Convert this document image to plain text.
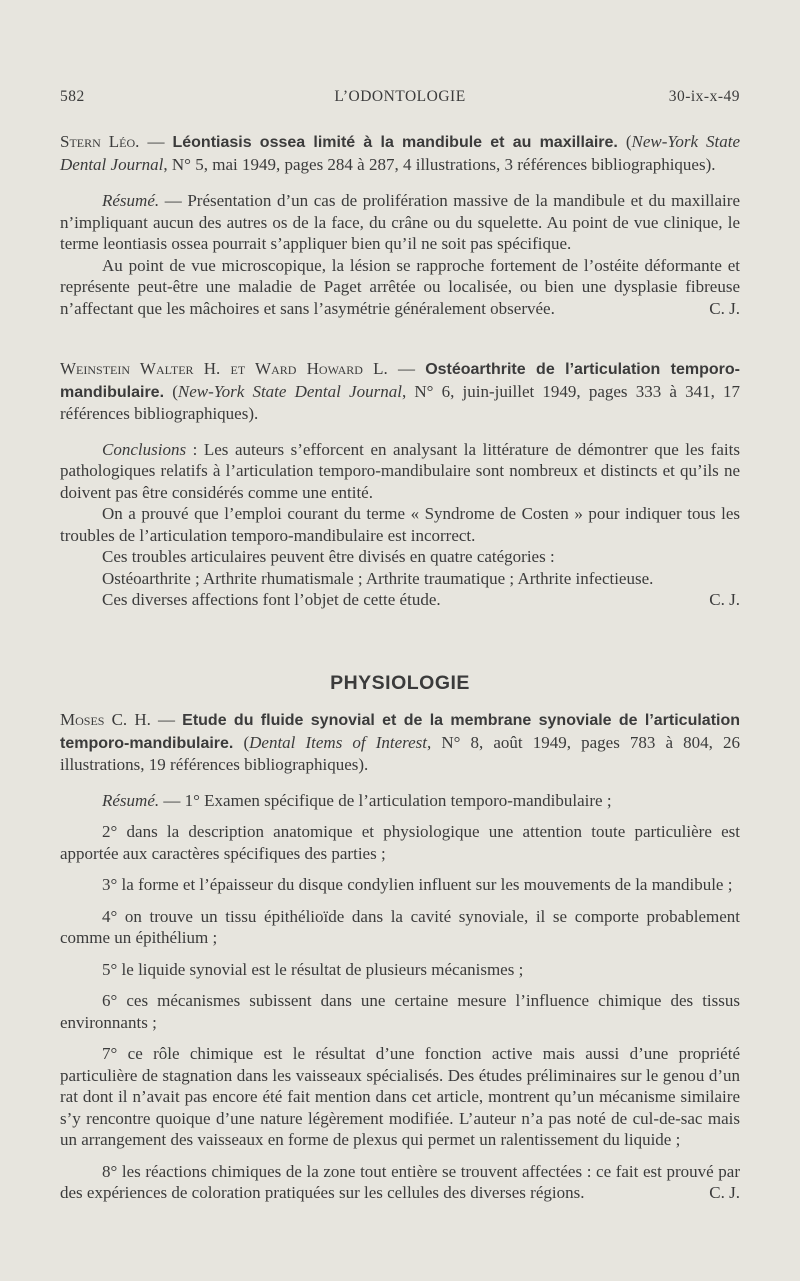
582	L’ODONTOLOGIE	30-ix-x-49

Stern Léo. — Léontiasis ossea limité à la mandibule et au maxillaire. (New-York State Dental Journal, N° 5, mai 1949, pages 284 à 287, 4 illustrations, 3 références bibliographiques).

Résumé. — Présentation d’un cas de prolifération massive de la mandibule et du maxillaire n’impliquant aucun des autres os de la face, du crâne ou du squelette. Au point de vue clinique, le terme leontiasis ossea pourrait s’appliquer bien qu’il ne soit pas spécifique.

Au point de vue microscopique, la lésion se rapproche fortement de l’ostéite déformante et représente peut-être une maladie de Paget arrêtée ou localisée, ou bien une dysplasie fibreuse n’affectant que les mâchoires et sans l’asymétrie généralement observée.	C. J.

Weinstein Walter H. et Ward Howard L. — Ostéoarthrite de l’articulation temporo-mandibulaire. (New-York State Dental Journal, N° 6, juin-juillet 1949, pages 333 à 341, 17 références bibliographiques).

Conclusions : Les auteurs s’efforcent en analysant la littérature de démontrer que les faits pathologiques relatifs à l’articulation temporo-mandibulaire sont nombreux et distincts et qu’ils ne doivent pas être considérés comme une entité.

On a prouvé que l’emploi courant du terme « Syndrome de Costen » pour indiquer tous les troubles de l’articulation temporo-mandibulaire est incorrect.

Ces troubles articulaires peuvent être divisés en quatre catégories :

Ostéoarthrite ; Arthrite rhumatismale ; Arthrite traumatique ; Arthrite infectieuse.

Ces diverses affections font l’objet de cette étude.	C. J.

PHYSIOLOGIE

Moses C. H. — Etude du fluide synovial et de la membrane synoviale de l’articulation temporo-mandibulaire. (Dental Items of Interest, N° 8, août 1949, pages 783 à 804, 26 illustrations, 19 références bibliographiques).

Résumé. — 1° Examen spécifique de l’articulation temporo-mandibulaire ;

2° dans la description anatomique et physiologique une attention toute particulière est apportée aux caractères spécifiques des parties ;

3° la forme et l’épaisseur du disque condylien influent sur les mouvements de la mandibule ;

4° on trouve un tissu épithélioïde dans la cavité synoviale, il se comporte probablement comme un épithélium ;

5° le liquide synovial est le résultat de plusieurs mécanismes ;

6° ces mécanismes subissent dans une certaine mesure l’influence chimique des tissus environnants ;

7° ce rôle chimique est le résultat d’une fonction active mais aussi d’une propriété particulière de stagnation dans les vaisseaux spécialisés. Des études préliminaires sur le genou d’un rat dont il n’avait pas encore été fait mention dans cet article, montrent qu’un mécanisme similaire s’y rencontre quoique d’une nature légèrement modifiée. L’auteur n’a pas noté de cul-de-sac mais un arrangement des vaisseaux en forme de plexus qui permet un ralentissement du liquide ;

8° les réactions chimiques de la zone tout entière se trouvent affectées : ce fait est prouvé par des expériences de coloration pratiquées sur les cellules des diverses régions.	C. J.
